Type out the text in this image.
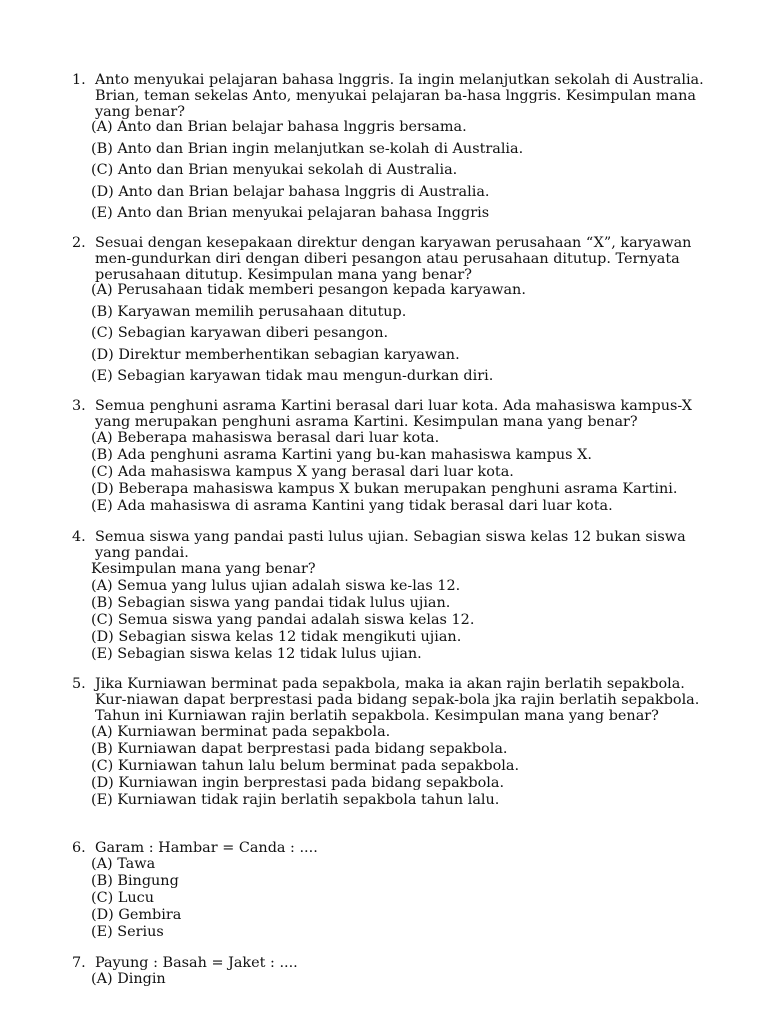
1. Anto menyukai pelajaran bahasa lnggris. Ia ingin melanjutkan sekolah di Australia. Brian, teman sekelas Anto, menyukai pelajaran ba-hasa lnggris. Kesimpulan mana yang benar?
(A) Anto dan Brian belajar bahasa lnggris bersama.
(B) Anto dan Brian ingin melanjutkan se-kolah di Australia.
(C) Anto dan Brian menyukai sekolah di Australia.
(D) Anto dan Brian belajar bahasa lnggris di Australia.
(E) Anto dan Brian menyukai pelajaran bahasa Inggris
2. Sesuai dengan kesepakaan direktur dengan karyawan perusahaan “X”, karyawan men-gundurkan diri dengan diberi pesangon atau perusahaan ditutup. Ternyata perusahaan ditutup. Kesimpulan mana yang benar?
(A) Perusahaan tidak memberi pesangon kepada karyawan.
(B) Karyawan memilih perusahaan ditutup.
(C) Sebagian karyawan diberi pesangon.
(D) Direktur memberhentikan sebagian karyawan.
(E) Sebagian karyawan tidak mau mengun-durkan diri.
3. Semua penghuni asrama Kartini berasal dari luar kota. Ada mahasiswa kampus-X yang merupakan penghuni asrama Kartini. Kesimpulan mana yang benar?
(A) Beberapa mahasiswa berasal dari luar kota.
(B) Ada penghuni asrama Kartini yang bu-kan mahasiswa kampus X.
(C) Ada mahasiswa kampus X yang berasal dari luar kota.
(D) Beberapa mahasiswa kampus X bukan merupakan penghuni asrama Kartini.
(E) Ada mahasiswa di asrama Kantini yang tidak berasal dari luar kota.
4. Semua siswa yang pandai pasti lulus ujian. Sebagian siswa kelas 12 bukan siswa yang pandai.
Kesimpulan mana yang benar?
(A) Semua yang lulus ujian adalah siswa ke-las 12.
(B) Sebagian siswa yang pandai tidak lulus ujian.
(C) Semua siswa yang pandai adalah siswa kelas 12.
(D) Sebagian siswa kelas 12 tidak mengikuti ujian.
(E) Sebagian siswa kelas 12 tidak lulus ujian.
5. Jika Kurniawan berminat pada sepakbola, maka ia akan rajin berlatih sepakbola. Kur-niawan dapat berprestasi pada bidang sepak-bola jka rajin berlatih sepakbola. Tahun ini Kurniawan rajin berlatih sepakbola. Kesimpulan mana yang benar?
(A) Kurniawan berminat pada sepakbola.
(B) Kurniawan dapat berprestasi pada bidang sepakbola.
(C) Kurniawan tahun lalu belum berminat pada sepakbola.
(D) Kurniawan ingin berprestasi pada bidang sepakbola.
(E) Kurniawan tidak rajin berlatih sepakbola tahun lalu.
6. Garam : Hambar = Canda : ....
(A) Tawa
(B) Bingung
(C) Lucu
(D) Gembira
(E) Serius
7. Payung : Basah = Jaket : ....
(A) Dingin
